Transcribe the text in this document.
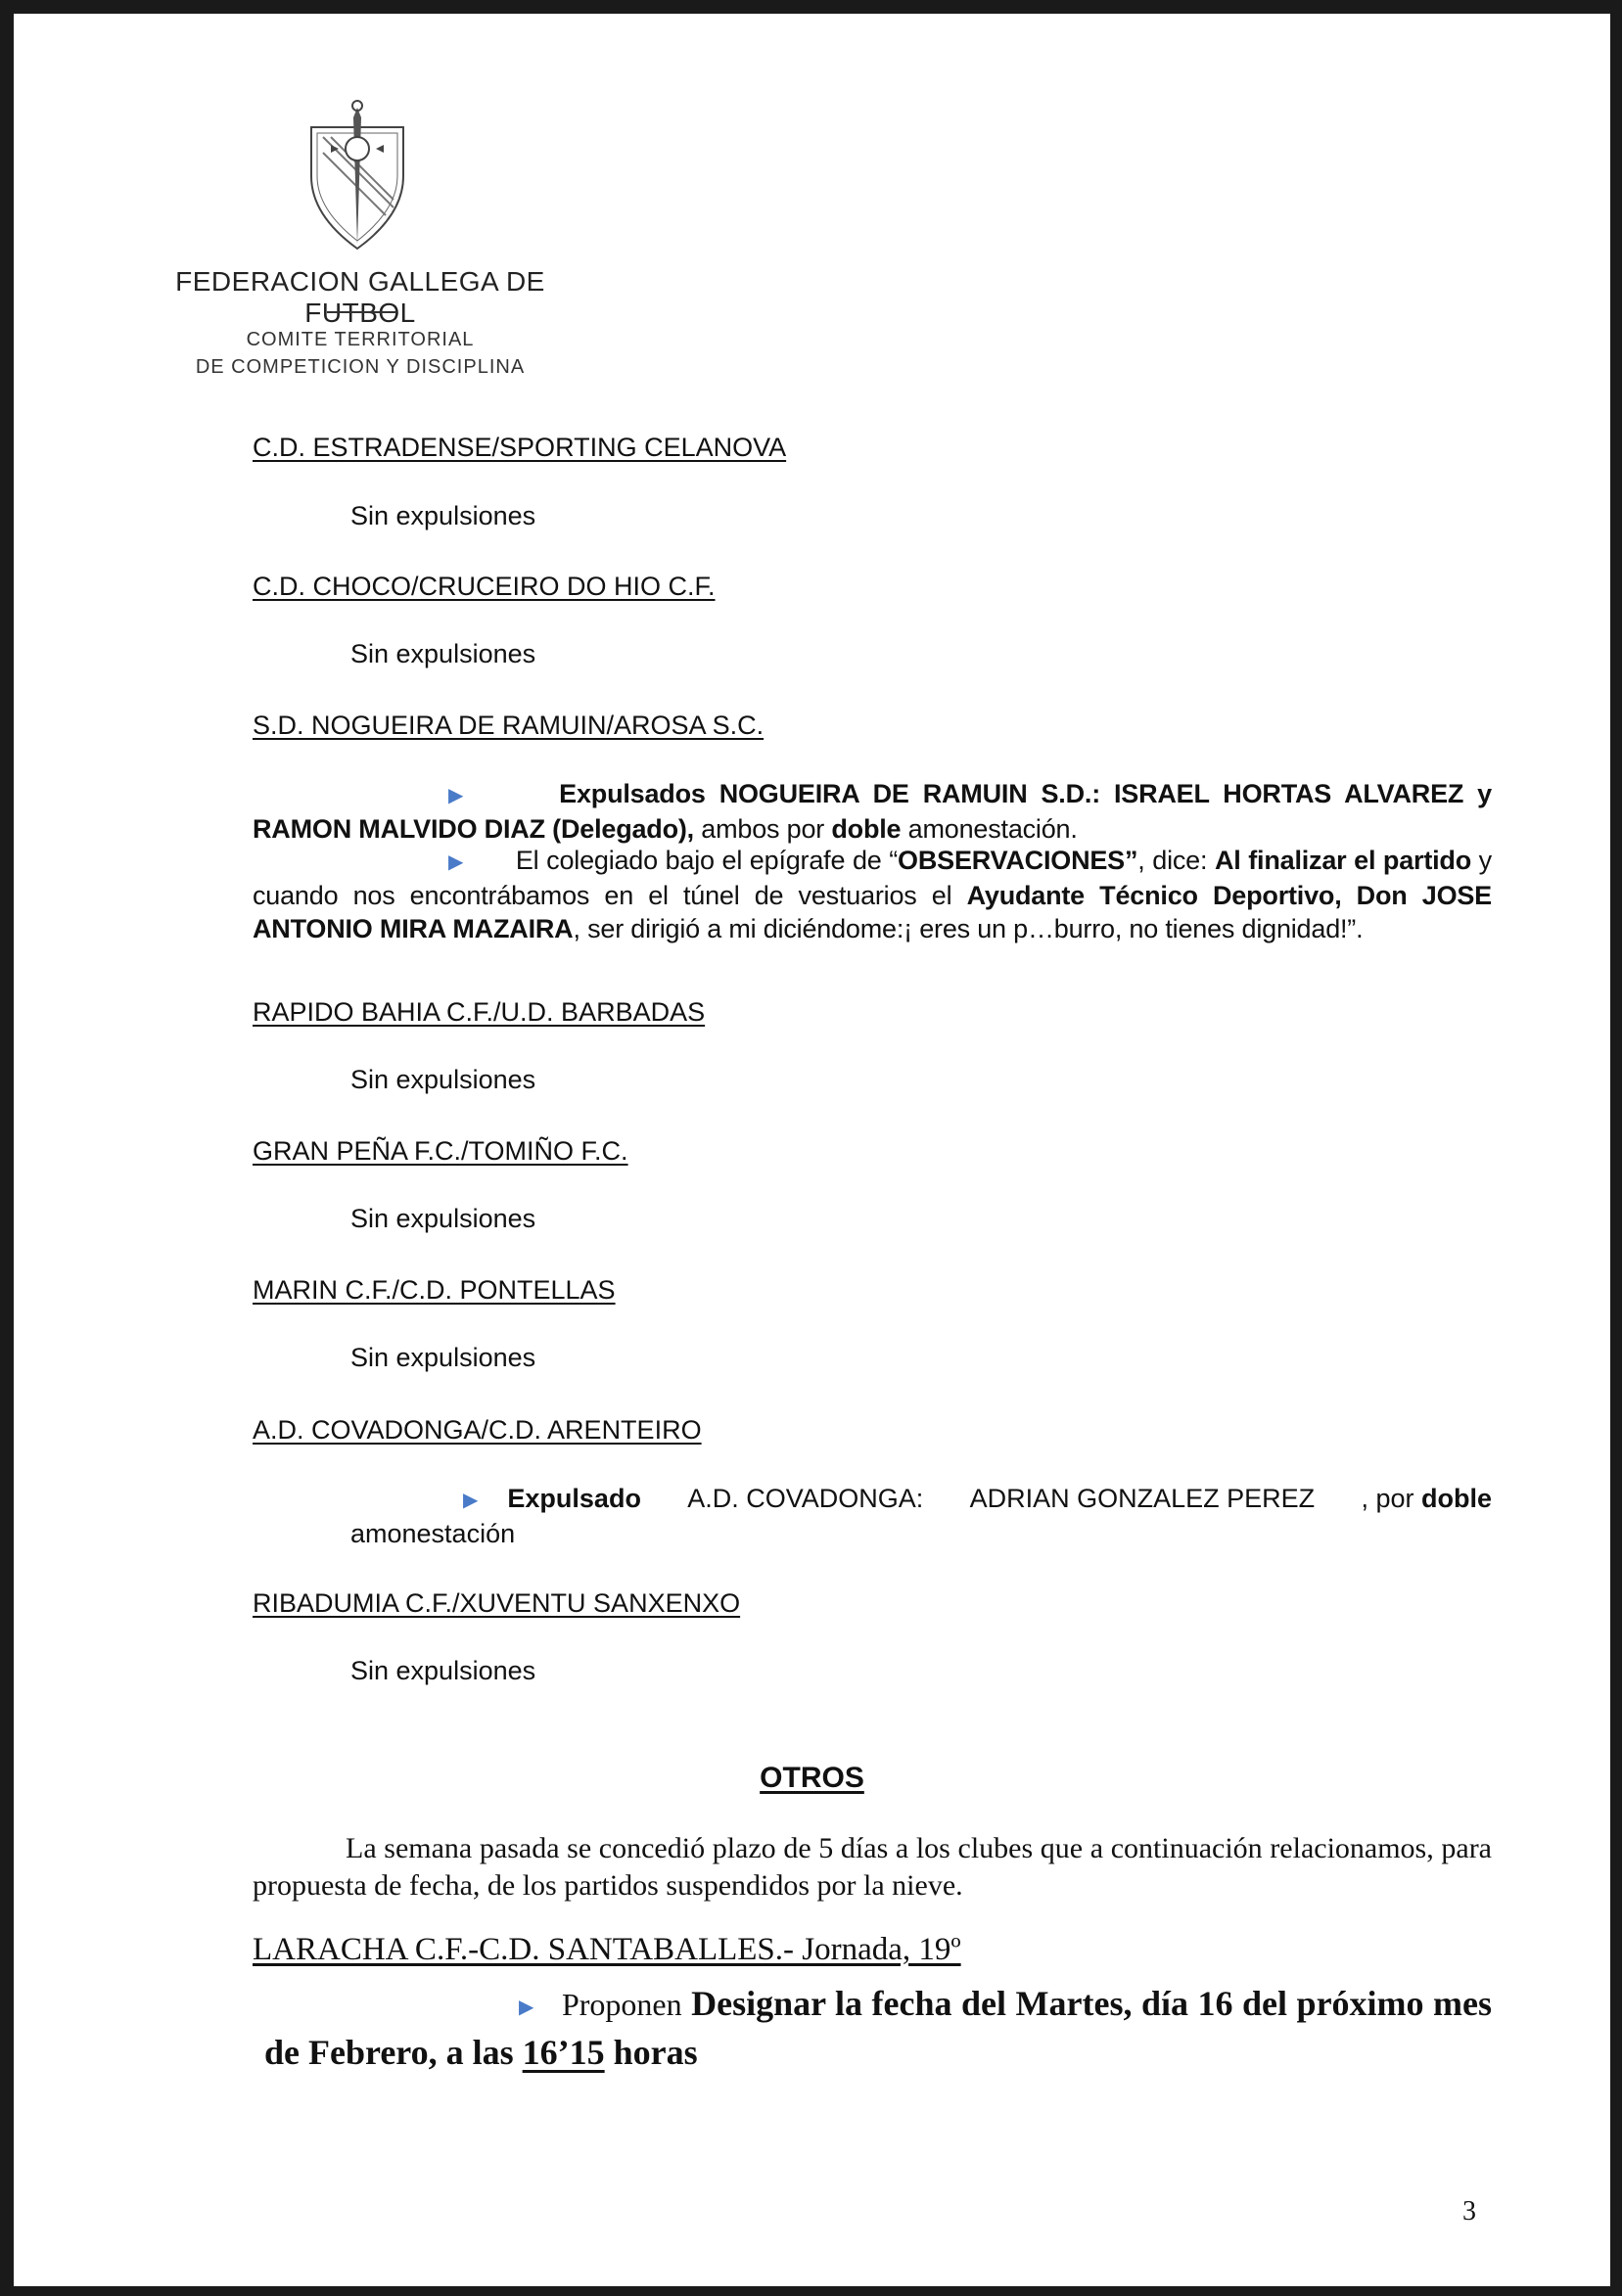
FEDERACION GALLEGA DE FUTBOL
COMITE TERRITORIAL
DE COMPETICION Y DISCIPLINA
C.D. ESTRADENSE/SPORTING CELANOVA
Sin expulsiones
C.D. CHOCO/CRUCEIRO DO HIO C.F.
Sin expulsiones
S.D. NOGUEIRA DE RAMUIN/AROSA S.C.
▶	Expulsados NOGUEIRA DE RAMUIN S.D.: ISRAEL HORTAS ALVAREZ y RAMON MALVIDO DIAZ (Delegado), ambos por doble amonestación.
▶ El colegiado bajo el epígrafe de “OBSERVACIONES”, dice: Al finalizar el partido y cuando nos encontrábamos en el túnel de vestuarios el Ayudante Técnico Deportivo, Don JOSE ANTONIO MIRA MAZAIRA, ser dirigió a mi diciéndome:¡ eres un p…burro, no tienes dignidad!”.
RAPIDO BAHIA C.F./U.D. BARBADAS
Sin expulsiones
GRAN PEÑA F.C./TOMIÑO F.C.
Sin expulsiones
MARIN C.F./C.D. PONTELLAS
Sin expulsiones
A.D. COVADONGA/C.D. ARENTEIRO
▶ Expulsado A.D. COVADONGA: ADRIAN GONZALEZ PEREZ , por doble
amonestación
RIBADUMIA C.F./XUVENTU SANXENXO
Sin expulsiones
OTROS
La semana pasada se concedió plazo de 5 días a los clubes que a continuación relacionamos, para propuesta de fecha, de los partidos suspendidos por la nieve.
LARACHA C.F.-C.D. SANTABALLES.- Jornada, 19º
▶ Proponen Designar la fecha del Martes, día 16 del próximo mes de Febrero, a las 16’15 horas
3
